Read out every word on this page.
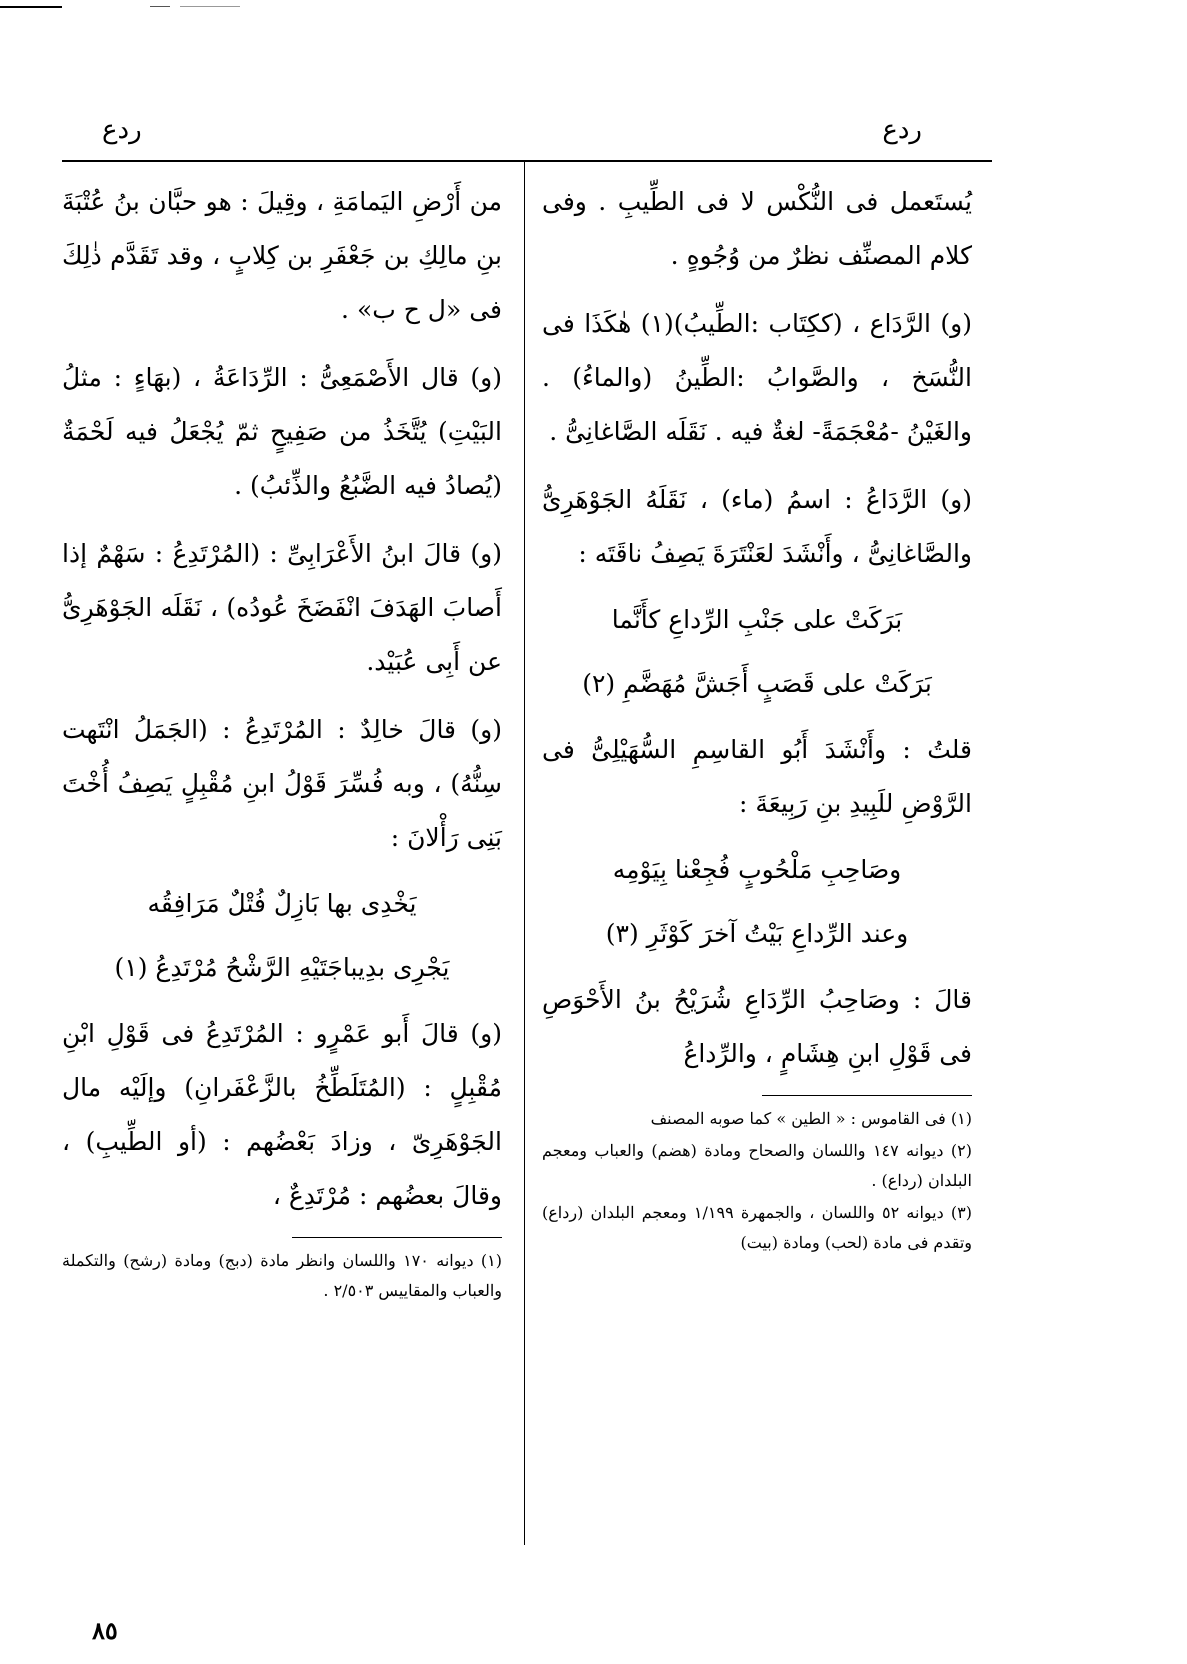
ردع
ردع

يُستَعمل فى النُّكْس لا فى الطِّيبِ . وفى كلام المصنِّف نظرٌ من وُجُوهٍ .

(و) الرَّدَاع ، (ككِتَاب :الطِّيبُ)(١) هٰكَذَا فى النُّسَخ ، والصَّوابُ :الطِّينُ (والماءُ) . والغَيْنُ -مُعْجَمَةً- لغةٌ فيه . نَقَلَه الصَّاغانِىُّ .

(و) الرَّدَاعُ : اسمُ (ماء) ، نَقَلَهُ الجَوْهَرِىُّ والصَّاغانِىُّ ، وأَنْشَدَ لعَنْتَرَةَ يَصِفُ ناقَتَه :

بَرَكَتْ على جَنْبِ الرِّداعِ كأَنَّما

بَرَكَتْ على قَصَبٍ أَجَشَّ مُهَضَّمِ (٢)

قلتُ : وأَنْشَدَ أَبُو القاسِمِ السُّهَيْلِىُّ فى الرَّوْضِ للَبِيدِ بنِ رَبِيعَةَ :

وصَاحِبِ مَلْحُوبٍ فُجِعْنا بِيَوْمِه

وعند الرِّداعِ بَيْتُ آخرَ كَوْثَرِ (٣)

قالَ : وصَاحِبُ الرِّدَاعِ شُرَيْحُ بنُ الأَحْوَصِ فى قَوْلِ ابنِ هِشَامٍ ، والرِّداعُ

(١) فى القاموس : « الطين » كما صوبه المصنف
(٢) ديوانه ١٤٧ واللسان والصحاح ومادة (هضم) والعباب ومعجم البلدان (رداع) .
(٣) ديوانه ٥٢ واللسان ، والجمهرة ١/١٩٩ ومعجم البلدان (رداع) وتقدم فى مادة (لحب) ومادة (بيت)

من أَرْضِ اليَمامَةِ ، وقِيلَ : هو حبَّان بنُ عُتْبَةَ بنِ مالِكِ بن جَعْفَرِ بن كِلابٍ ، وقد تَقَدَّم ذٰلِكَ فى «ل ح ب» .

(و) قال الأَصْمَعِىُّ : الرِّدَاعَةُ ، (بهَاءٍ : مثلُ البَيْتِ) يُتَّخَذُ من صَفِيحٍ ثمّ يُجْعَلُ فيه لَحْمَةٌ (يُصادُ فيه الضَّبُعُ والذِّئبُ) .

(و) قالَ ابنُ الأَعْرَابِىِّ : (المُرْتَدِعُ : سَهْمٌ إذا أَصابَ الهَدَفَ انْفَضَخَ عُودُه) ، نَقَلَه الجَوْهَرِىُّ عن أَبِى عُبَيْد.

(و) قالَ خالِدٌ : المُرْتَدِعُ : (الجَمَلُ انْتَهت سِنُّهُ) ، وبه فُسِّرَ قَوْلُ ابنِ مُقْبِلٍ يَصِفُ أُخْتَ بَنِى رَأْلانَ :

يَخْدِى بها بَازِلٌ فُتْلٌ مَرَافِقُه

يَجْرِى بدِيباجَتَيْهِ الرَّشْحُ مُرْتَدِعُ (١)

(و) قالَ أَبو عَمْرٍو : المُرْتَدِعُ فى قَوْلِ ابْنِ مُقْبِلٍ : (المُتَلَطِّخُ بالزَّعْفَرانِ) وإلَيْه مال الجَوْهَرِىّ ، وزادَ بَعْضُهم : (أو الطِّيبِ) ، وقالَ بعضُهم : مُرْتَدِعٌ ،

(١) ديوانه ١٧٠ واللسان وانظر مادة (دبج) ومادة (رشح) والتكملة والعباب والمقاييس ٢/٥٠٣ .
٨٥
